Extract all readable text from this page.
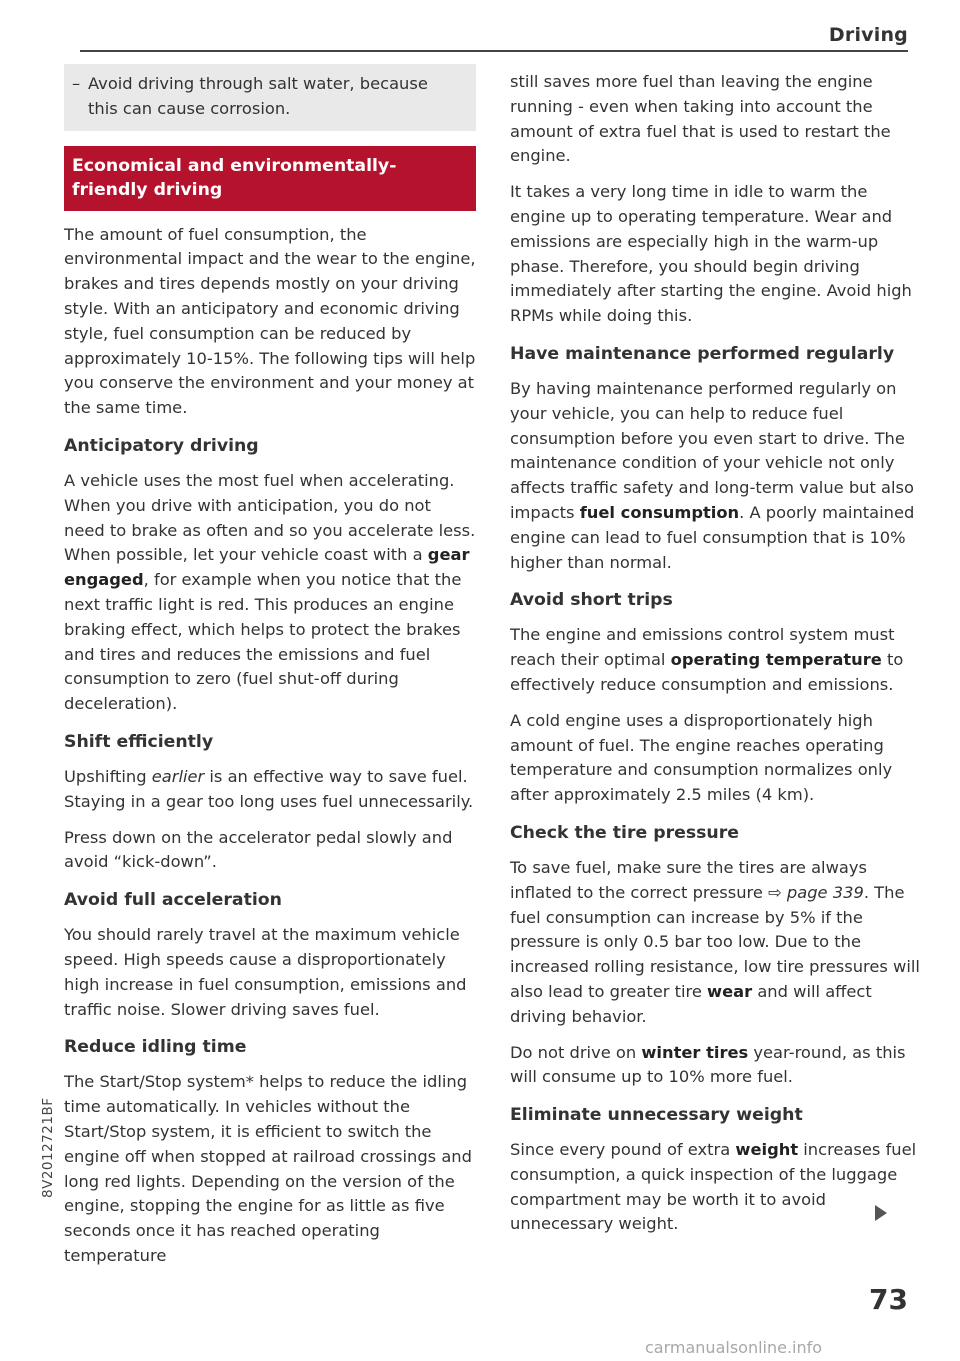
Driving
– Avoid driving through salt water, because this can cause corrosion.
Economical and environmentally-friendly driving

The amount of fuel consumption, the environmental impact and the wear to the engine, brakes and tires depends mostly on your driving style. With an anticipatory and economic driving style, fuel consumption can be reduced by approximately 10-15%. The following tips will help you conserve the environment and your money at the same time.

Anticipatory driving

A vehicle uses the most fuel when accelerating. When you drive with anticipation, you do not need to brake as often and so you accelerate less. When possible, let your vehicle coast with a gear engaged, for example when you notice that the next traffic light is red. This produces an engine braking effect, which helps to protect the brakes and tires and reduces the emissions and fuel consumption to zero (fuel shut-off during deceleration).

Shift efficiently

Upshifting earlier is an effective way to save fuel. Staying in a gear too long uses fuel unnecessarily.

Press down on the accelerator pedal slowly and avoid “kick-down”.

Avoid full acceleration

You should rarely travel at the maximum vehicle speed. High speeds cause a disproportionately high increase in fuel consumption, emissions and traffic noise. Slower driving saves fuel.

Reduce idling time

The Start/Stop system* helps to reduce the idling time automatically. In vehicles without the Start/Stop system, it is efficient to switch the engine off when stopped at railroad crossings and long red lights. Depending on the version of the engine, stopping the engine for as little as five seconds once it has reached operating temperature

still saves more fuel than leaving the engine running - even when taking into account the amount of extra fuel that is used to restart the engine.

It takes a very long time in idle to warm the engine up to operating temperature. Wear and emissions are especially high in the warm-up phase. Therefore, you should begin driving immediately after starting the engine. Avoid high RPMs while doing this.

Have maintenance performed regularly

By having maintenance performed regularly on your vehicle, you can help to reduce fuel consumption before you even start to drive. The maintenance condition of your vehicle not only affects traffic safety and long-term value but also impacts fuel consumption. A poorly maintained engine can lead to fuel consumption that is 10% higher than normal.

Avoid short trips

The engine and emissions control system must reach their optimal operating temperature to effectively reduce consumption and emissions.

A cold engine uses a disproportionately high amount of fuel. The engine reaches operating temperature and consumption normalizes only after approximately 2.5 miles (4 km).

Check the tire pressure

To save fuel, make sure the tires are always inflated to the correct pressure ⇨ page 339. The fuel consumption can increase by 5% if the pressure is only 0.5 bar too low. Due to the increased rolling resistance, low tire pressures will also lead to greater tire wear and will affect driving behavior.

Do not drive on winter tires year-round, as this will consume up to 10% more fuel.

Eliminate unnecessary weight

Since every pound of extra weight increases fuel consumption, a quick inspection of the luggage compartment may be worth it to avoid unnecessary weight.

73
8V2012721BF
carmanualsonline.info
